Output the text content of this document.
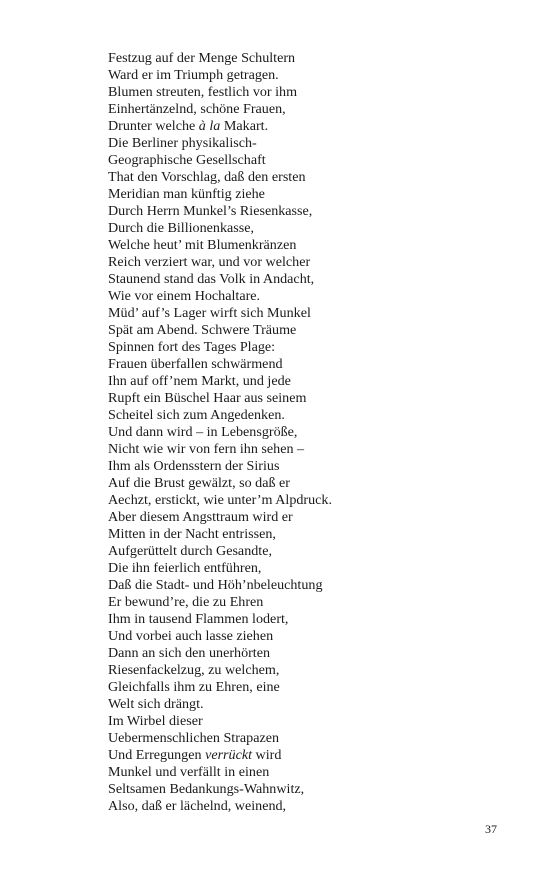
Festzug auf der Menge Schultern
Ward er im Triumph getragen.
Blumen streuten, festlich vor ihm
Einhertänzelnd, schöne Frauen,
Drunter welche à la Makart.
Die Berliner physikalisch-
Geographische Gesellschaft
That den Vorschlag, daß den ersten
Meridian man künftig ziehe
Durch Herrn Munkel’s Riesenkasse,
Durch die Billionenkasse,
Welche heut’ mit Blumenkränzen
Reich verziert war, und vor welcher
Staunend stand das Volk in Andacht,
Wie vor einem Hochaltare.
Müd’ auf’s Lager wirft sich Munkel
Spät am Abend. Schwere Träume
Spinnen fort des Tages Plage:
Frauen überfallen schwärmend
Ihn auf off’nem Markt, und jede
Rupft ein Büschel Haar aus seinem
Scheitel sich zum Angedenken.
Und dann wird – in Lebensgröße,
Nicht wie wir von fern ihn sehen –
Ihm als Ordensstern der Sirius
Auf die Brust gewälzt, so daß er
Aechzt, erstickt, wie unter’m Alpdruck.
Aber diesem Angsttraum wird er
Mitten in der Nacht entrissen,
Aufgerüttelt durch Gesandte,
Die ihn feierlich entführen,
Daß die Stadt- und Höh’nbeleuchtung
Er bewund’re, die zu Ehren
Ihm in tausend Flammen lodert,
Und vorbei auch lasse ziehen
Dann an sich den unerhörten
Riesenfackelzug, zu welchem,
Gleichfalls ihm zu Ehren, eine
Welt sich drängt.
Im Wirbel dieser
Uebermenschlichen Strapazen
Und Erregungen verrückt wird
Munkel und verfällt in einen
Seltsamen Bedankungs-Wahnwitz,
Also, daß er lächelnd, weinend,
37
